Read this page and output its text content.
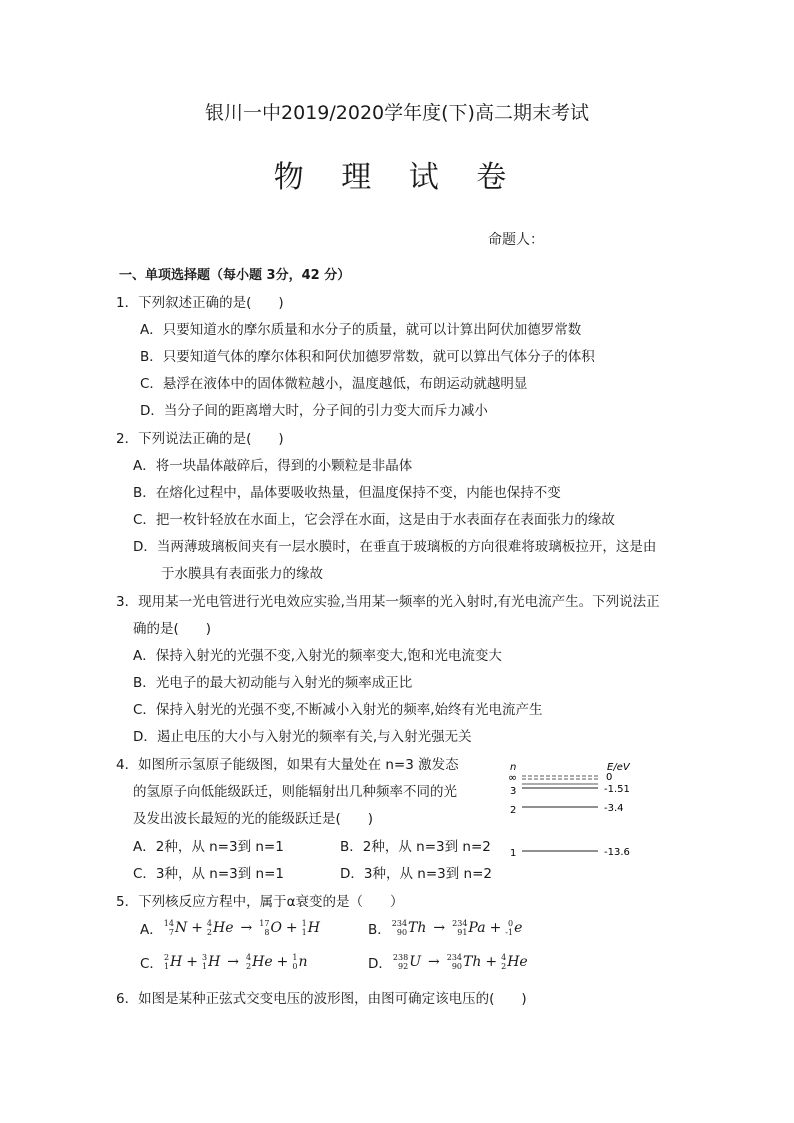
银川一中2019/2020学年度(下)高二期末考试
物 理 试 卷
命题人：
一、单项选择题（每小题 3分，42 分）
1．下列叙述正确的是(　　)
A．只要知道水的摩尔质量和水分子的质量，就可以计算出阿伏加德罗常数
B．只要知道气体的摩尔体积和阿伏加德罗常数，就可以算出气体分子的体积
C．悬浮在液体中的固体微粒越小，温度越低，布朗运动就越明显
D．当分子间的距离增大时，分子间的引力变大而斥力减小
2．下列说法正确的是(　　)
A．将一块晶体敲碎后，得到的小颗粒是非晶体
B．在熔化过程中，晶体要吸收热量，但温度保持不变，内能也保持不变
C．把一枚针轻放在水面上，它会浮在水面，这是由于水表面存在表面张力的缘故
D．当两薄玻璃板间夹有一层水膜时，在垂直于玻璃板的方向很难将玻璃板拉开，这是由
于水膜具有表面张力的缘故
3．现用某一光电管进行光电效应实验,当用某一频率的光入射时,有光电流产生。下列说法正
确的是(　　)
A．保持入射光的光强不变,入射光的频率变大,饱和光电流变大
B．光电子的最大初动能与入射光的频率成正比
C．保持入射光的光强不变,不断减小入射光的频率,始终有光电流产生
D．遏止电压的大小与入射光的频率有关,与入射光强无关
4．如图所示氢原子能级图，如果有大量处在 n=3 激发态
的氢原子向低能级跃迁，则能辐射出几种频率不同的光
及发出波长最短的光的能级跃迁是(　　)
A．2种，从 n=3到 n=1	B．2种，从 n=3到 n=2
C．3种，从 n=3到 n=1	D．3种，从 n=3到 n=2
n	E/eV
∞	0
3	-1.51
2	-3.4
1	-13.6
5．下列核反应方程中，属于α衰变的是（　　）
A． 14
7 N + 4
2 He → 17
8 O + 1
1 H	B． 234
90 Th → 234
91 Pa + 0
-1 e
C． 2
1 H + 3
1 H → 4
2 He + 1
0 n	D． 238
92 U → 234
90 Th + 4
2 He
6．如图是某种正弦式交变电压的波形图，由图可确定该电压的(　　)
